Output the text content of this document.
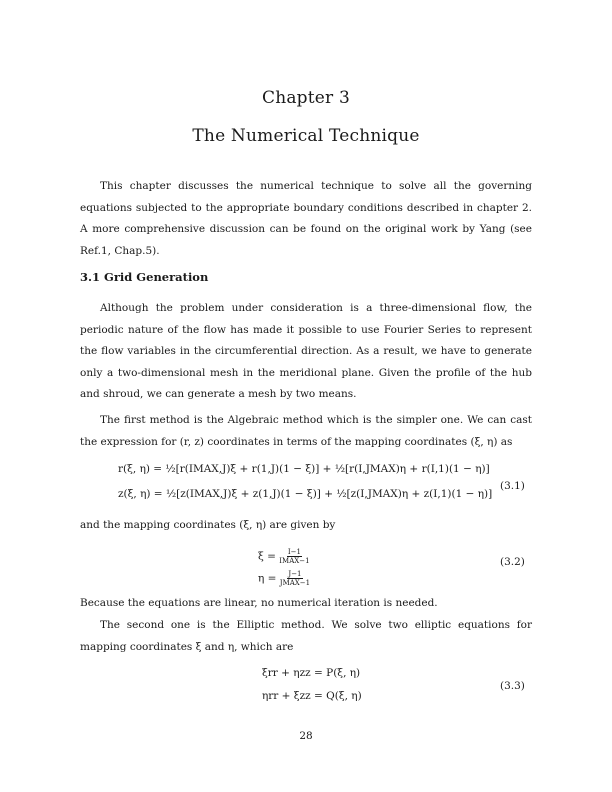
Chapter 3
The Numerical Technique

This chapter discusses the numerical technique to solve all the governing equations subjected to the appropriate boundary conditions described in chapter 2. A more comprehensive discussion can be found on the original work by Yang (see Ref.1, Chap.5).

3.1 Grid Generation

Although the problem under consideration is a three-dimensional flow, the periodic nature of the flow has made it possible to use Fourier Series to represent the flow variables in the circumferential direction. As a result, we have to generate only a two-dimensional mesh in the meridional plane. Given the profile of the hub and shroud, we can generate a mesh by two means.

The first method is the Algebraic method which is the simpler one. We can cast the expression for (r, z) coordinates in terms of the mapping coordinates (ξ, η) as

r(ξ, η) = ½[r(IMAX,J)ξ + r(1,J)(1 − ξ)] + ½[r(I,JMAX)η + r(I,1)(1 − η)]
z(ξ, η) = ½[z(IMAX,J)ξ + z(1,J)(1 − ξ)] + ½[z(I,JMAX)η + z(I,1)(1 − η)]
(3.1)

and the mapping coordinates (ξ, η) are given by

$\xi = \frac{I-1}{\text{IMAX−1}}$
$\eta = \frac{J-1}{\text{JMAX−1}}$
(3.2)

Because the equations are linear, no numerical iteration is needed.

The second one is the Elliptic method. We solve two elliptic equations for mapping coordinates ξ and η, which are

ξrr + ηzz = P(ξ, η)
ηrr + ξzz = Q(ξ, η)
(3.3)
28
